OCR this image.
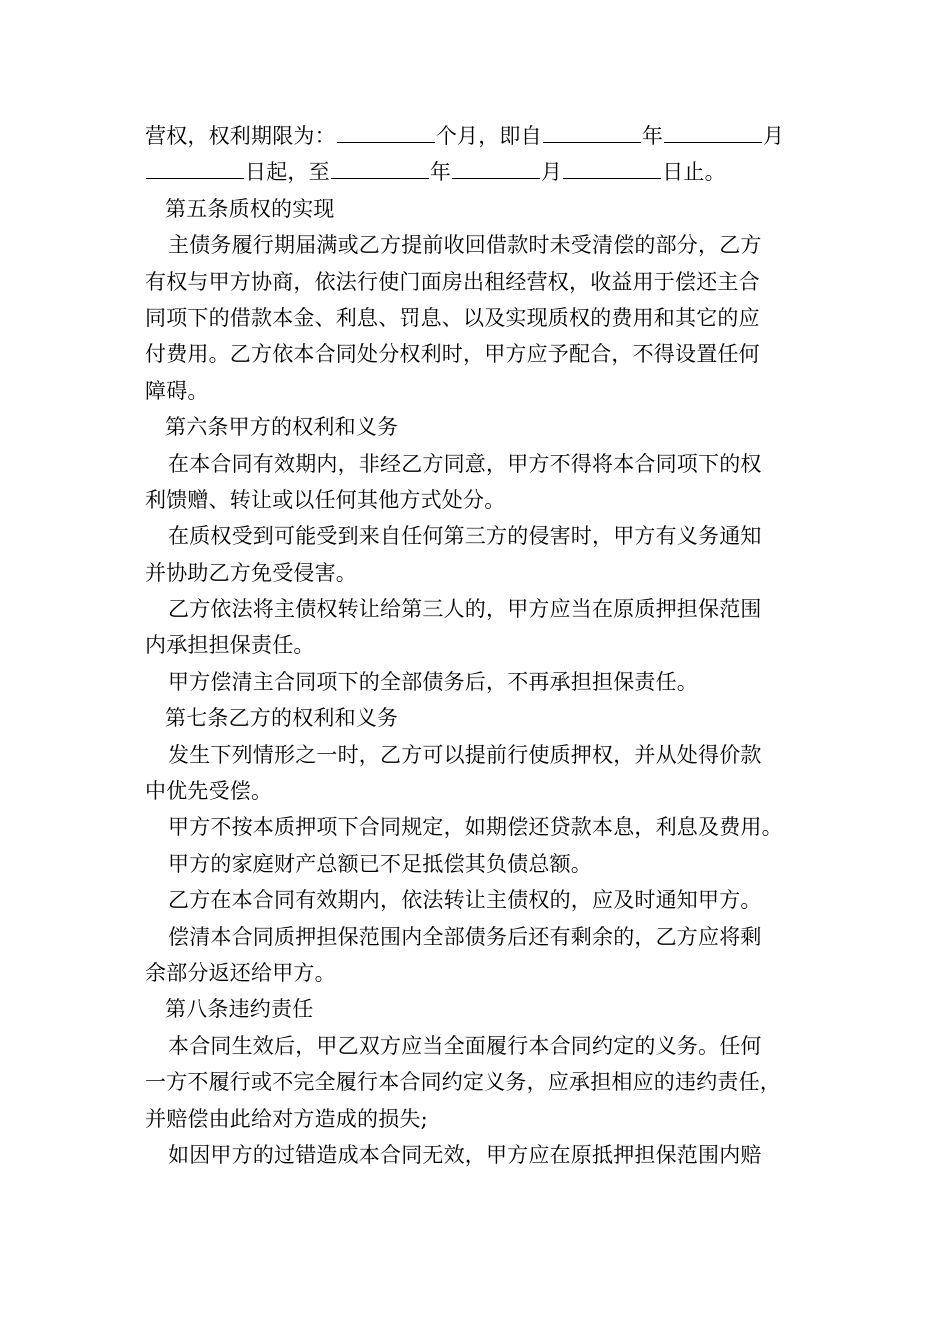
营权，权利期限为：	个月，即自	年	月
日起，至	年	月	日止。
第五条质权的实现
主债务履行期届满或乙方提前收回借款时未受清偿的部分，乙方
有权与甲方协商，依法行使门面房出租经营权，收益用于偿还主合
同项下的借款本金、利息、罚息、以及实现质权的费用和其它的应
付费用。乙方依本合同处分权利时，甲方应予配合，不得设置任何
障碍。
第六条甲方的权利和义务
在本合同有效期内，非经乙方同意，甲方不得将本合同项下的权
利馈赠、转让或以任何其他方式处分。
在质权受到可能受到来自任何第三方的侵害时，甲方有义务通知
并协助乙方免受侵害。
乙方依法将主债权转让给第三人的，甲方应当在原质押担保范围
内承担担保责任。
甲方偿清主合同项下的全部债务后，不再承担担保责任。
第七条乙方的权利和义务
发生下列情形之一时，乙方可以提前行使质押权，并从处得价款
中优先受偿。
甲方不按本质押项下合同规定，如期偿还贷款本息，利息及费用。
甲方的家庭财产总额已不足抵偿其负债总额。
乙方在本合同有效期内，依法转让主债权的，应及时通知甲方。
偿清本合同质押担保范围内全部债务后还有剩余的，乙方应将剩
余部分返还给甲方。
第八条违约责任
本合同生效后，甲乙双方应当全面履行本合同约定的义务。任何
一方不履行或不完全履行本合同约定义务，应承担相应的违约责任，
并赔偿由此给对方造成的损失;
如因甲方的过错造成本合同无效，甲方应在原抵押担保范围内赔
